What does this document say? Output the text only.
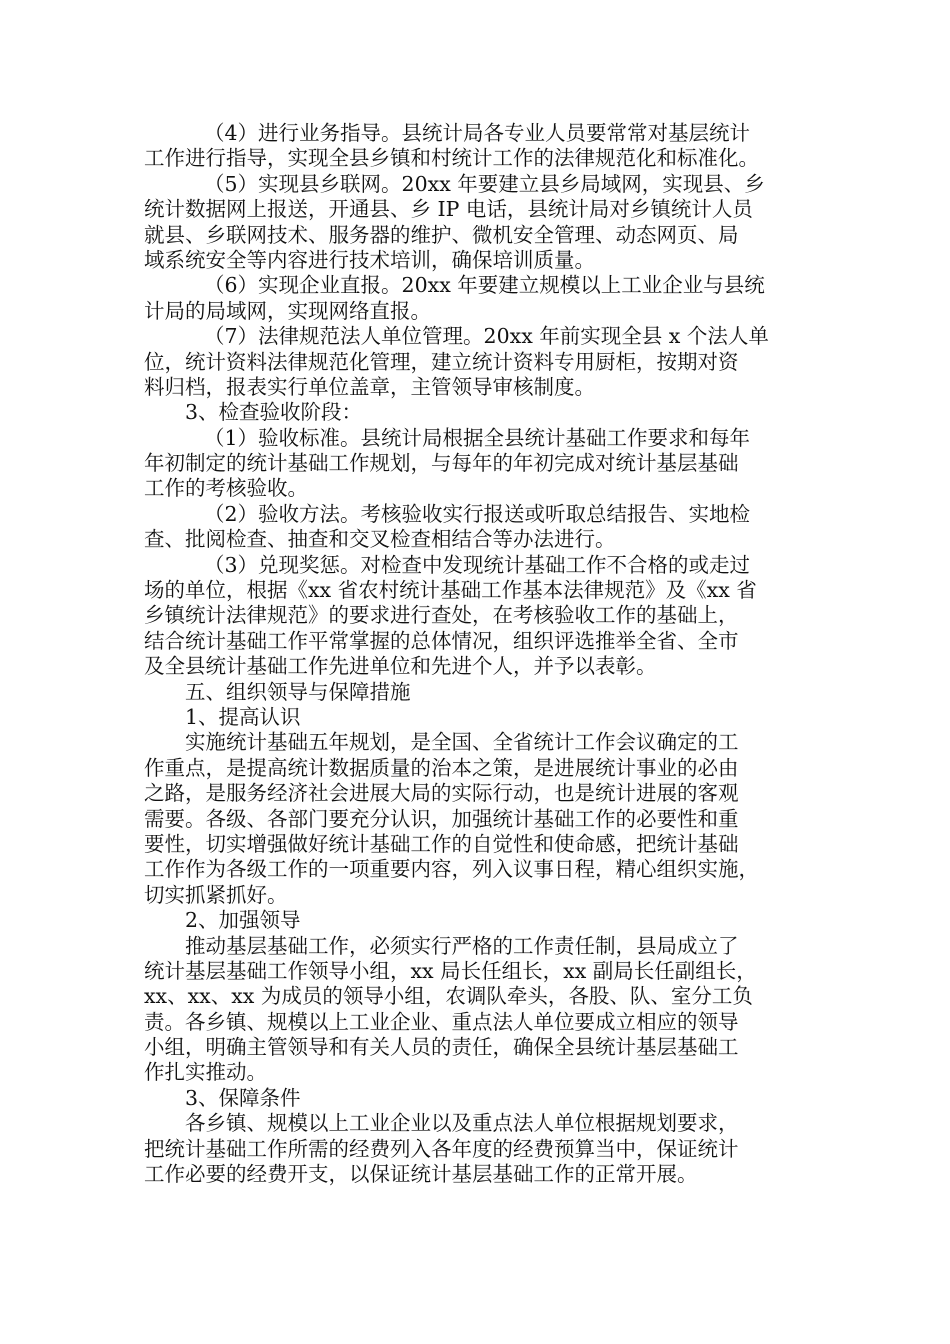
（4）进行业务指导。县统计局各专业人员要常常对基层统计
工作进行指导，实现全县乡镇和村统计工作的法律规范化和标准化。
（5）实现县乡联网。20xx 年要建立县乡局域网，实现县、乡
统计数据网上报送，开通县、乡 IP 电话，县统计局对乡镇统计人员
就县、乡联网技术、服务器的维护、微机安全管理、动态网页、局
域系统安全等内容进行技术培训，确保培训质量。
（6）实现企业直报。20xx 年要建立规模以上工业企业与县统
计局的局域网，实现网络直报。
（7）法律规范法人单位管理。20xx 年前实现全县 x 个法人单
位，统计资料法律规范化管理，建立统计资料专用厨柜，按期对资
料归档，报表实行单位盖章，主管领导审核制度。
3、检查验收阶段：
（1）验收标准。县统计局根据全县统计基础工作要求和每年
年初制定的统计基础工作规划，与每年的年初完成对统计基层基础
工作的考核验收。
（2）验收方法。考核验收实行报送或听取总结报告、实地检
查、批阅检查、抽查和交叉检查相结合等办法进行。
（3）兑现奖惩。对检查中发现统计基础工作不合格的或走过
场的单位，根据《xx 省农村统计基础工作基本法律规范》及《xx 省
乡镇统计法律规范》的要求进行查处，在考核验收工作的基础上，
结合统计基础工作平常掌握的总体情况，组织评选推举全省、全市
及全县统计基础工作先进单位和先进个人，并予以表彰。
五、组织领导与保障措施
1、提高认识
实施统计基础五年规划，是全国、全省统计工作会议确定的工
作重点，是提高统计数据质量的治本之策，是进展统计事业的必由
之路，是服务经济社会进展大局的实际行动，也是统计进展的客观
需要。各级、各部门要充分认识，加强统计基础工作的必要性和重
要性，切实增强做好统计基础工作的自觉性和使命感，把统计基础
工作作为各级工作的一项重要内容，列入议事日程，精心组织实施，
切实抓紧抓好。
2、加强领导
推动基层基础工作，必须实行严格的工作责任制，县局成立了
统计基层基础工作领导小组，xx 局长任组长，xx 副局长任副组长，
xx、xx、xx 为成员的领导小组，农调队牵头，各股、队、室分工负
责。各乡镇、规模以上工业企业、重点法人单位要成立相应的领导
小组，明确主管领导和有关人员的责任，确保全县统计基层基础工
作扎实推动。
3、保障条件
各乡镇、规模以上工业企业以及重点法人单位根据规划要求，
把统计基础工作所需的经费列入各年度的经费预算当中，保证统计
工作必要的经费开支，以保证统计基层基础工作的正常开展。
